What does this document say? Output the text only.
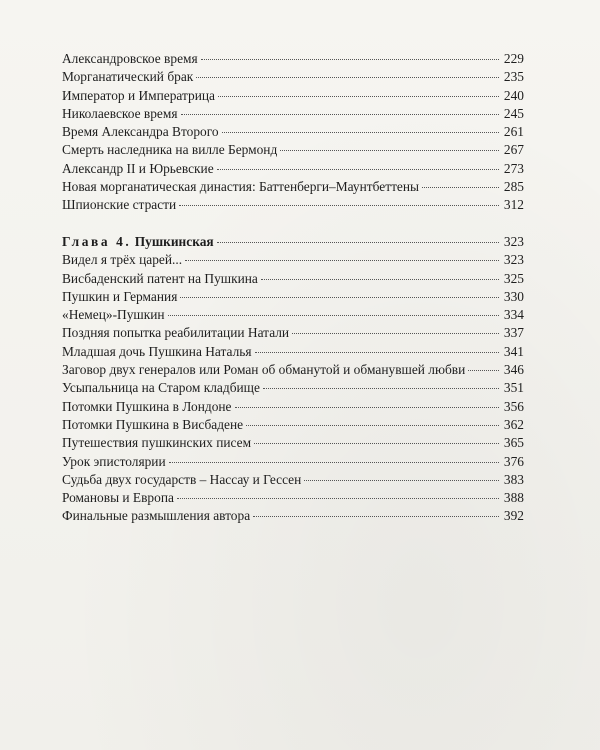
Александровское время	229
Морганатический брак	235
Император и Императрица	240
Николаевское время	245
Время Александра Второго	261
Смерть наследника на вилле Бермонд	267
Александр II и Юрьевские	273
Новая морганатическая династия: Баттенберги–Маунтбеттены	285
Шпионские страсти	312
Глава 4. Пушкинская	323
Видел я трёх царей...	323
Висбаденский патент на Пушкина	325
Пушкин и Германия	330
«Немец»-Пушкин	334
Поздняя попытка реабилитации Натали	337
Младшая дочь Пушкина Наталья	341
Заговор двух генералов или Роман об обманутой и обманувшей любви	346
Усыпальница на Старом кладбище	351
Потомки Пушкина в Лондоне	356
Потомки Пушкина в Висбадене	362
Путешествия пушкинских писем	365
Урок эпистолярии	376
Судьба двух государств – Нассау и Гессен	383
Романовы и Европа	388
Финальные размышления автора	392
